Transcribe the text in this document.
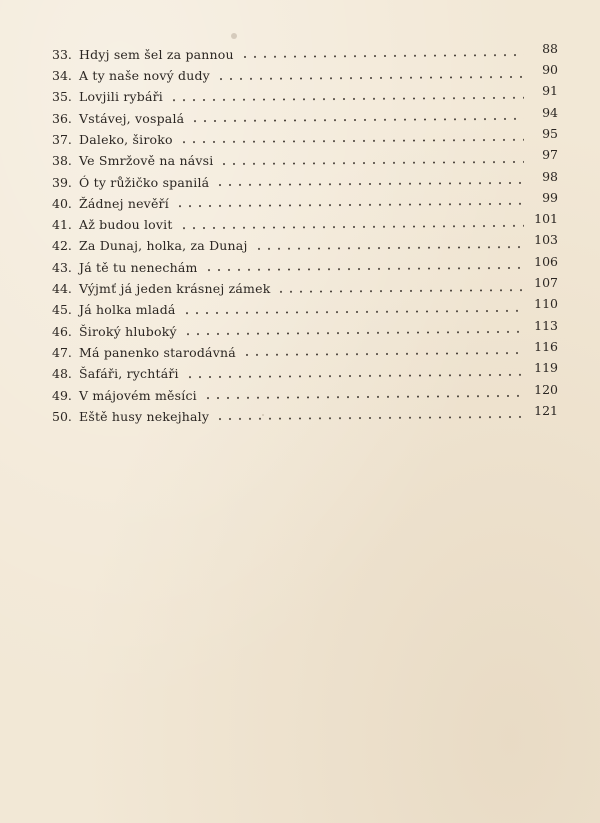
33. Hdyj sem šel za pannou	88
34. A ty naše nový dudy	90
35. Lovjili rybáři	91
36. Vstávej, vospalá	94
37. Daleko, široko	95
38. Ve Smržově na návsi	97
39. Ó ty růžičko spanilá	98
40. Žádnej nevěří	99
41. Až budou lovit	101
42. Za Dunaj, holka, za Dunaj	103
43. Já tě tu nenechám	106
44. Výjmť já jeden krásnej zámek	107
45. Já holka mladá	110
46. Široký hluboký	113
47. Má panenko starodávná	116
48. Šafáři, rychtáři	119
49. V májovém měsíci	120
50. Eště husy nekejhaly	121
